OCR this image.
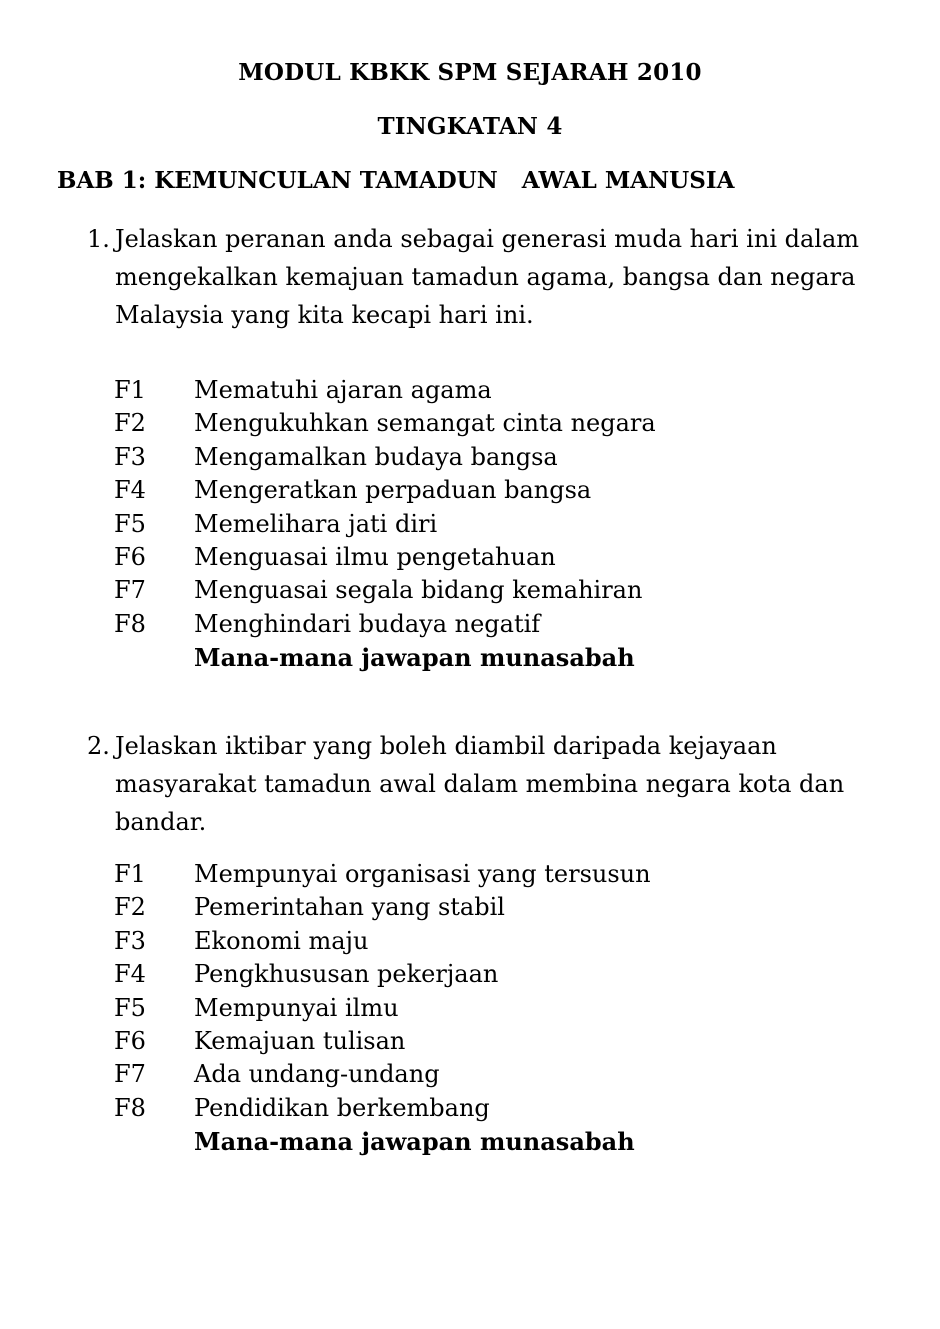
MODUL KBKK SPM SEJARAH 2010
TINGKATAN 4
BAB 1: KEMUNCULAN TAMADUN   AWAL MANUSIA
1. Jelaskan peranan anda sebagai generasi muda hari ini dalam mengekalkan kemajuan tamadun agama, bangsa dan negara Malaysia yang kita kecapi hari ini.
F1	Mematuhi ajaran agama
F2	Mengukuhkan semangat cinta negara
F3	Mengamalkan budaya bangsa
F4	Mengeratkan perpaduan bangsa
F5	Memelihara jati diri
F6	Menguasai ilmu pengetahuan
F7	Menguasai segala bidang kemahiran
F8	Menghindari budaya negatif
Mana-mana jawapan munasabah
2. Jelaskan iktibar yang boleh diambil daripada kejayaan masyarakat tamadun awal dalam membina negara kota dan bandar.
F1	Mempunyai organisasi yang tersusun
F2	Pemerintahan yang stabil
F3	Ekonomi maju
F4	Pengkhususan pekerjaan
F5	Mempunyai ilmu
F6	Kemajuan tulisan
F7	Ada undang-undang
F8	Pendidikan berkembang
Mana-mana jawapan munasabah
